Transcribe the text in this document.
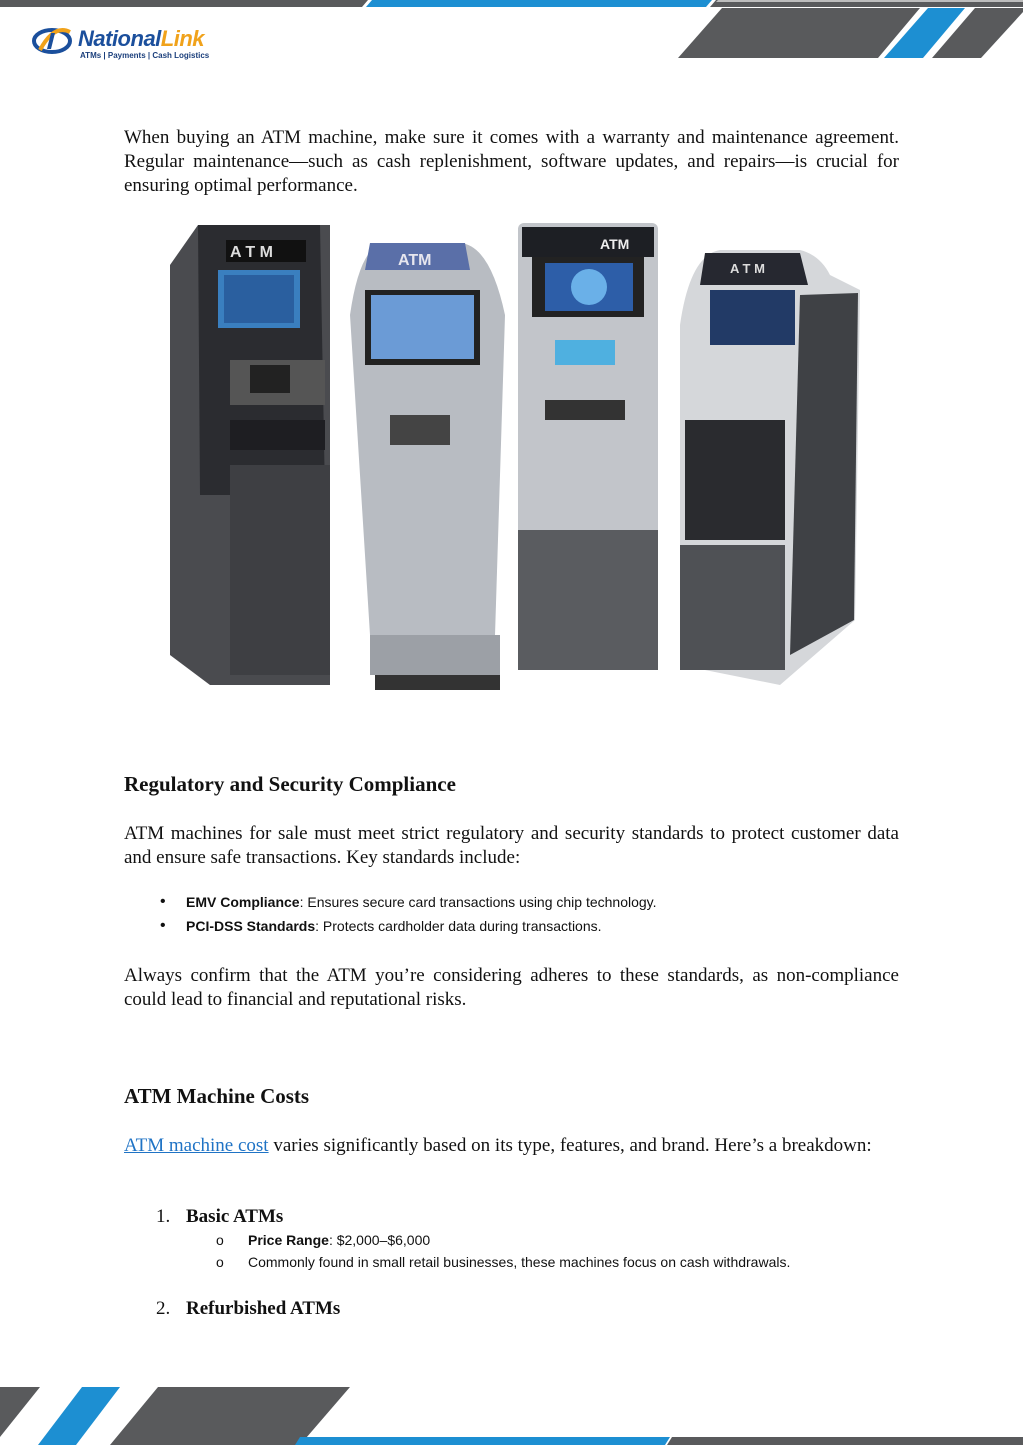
NationalLink
ATMs | Payments | Cash Logistics
When buying an ATM machine, make sure it comes with a warranty and maintenance agreement. Regular maintenance—such as cash replenishment, software updates, and repairs—is crucial for ensuring optimal performance.
A T M	ATM
ATM
A T M
Regulatory and Security Compliance
ATM machines for sale must meet strict regulatory and security standards to protect customer data and ensure safe transactions. Key standards include:
• EMV Compliance: Ensures secure card transactions using chip technology.
• PCI-DSS Standards: Protects cardholder data during transactions.
Always confirm that the ATM you’re considering adheres to these standards, as non-compliance could lead to financial and reputational risks.
ATM Machine Costs
ATM machine cost varies significantly based on its type, features, and brand. Here’s a breakdown:
1. Basic ATMs
o Price Range: $2,000–$6,000
o Commonly found in small retail businesses, these machines focus on cash withdrawals.
2. Refurbished ATMs
